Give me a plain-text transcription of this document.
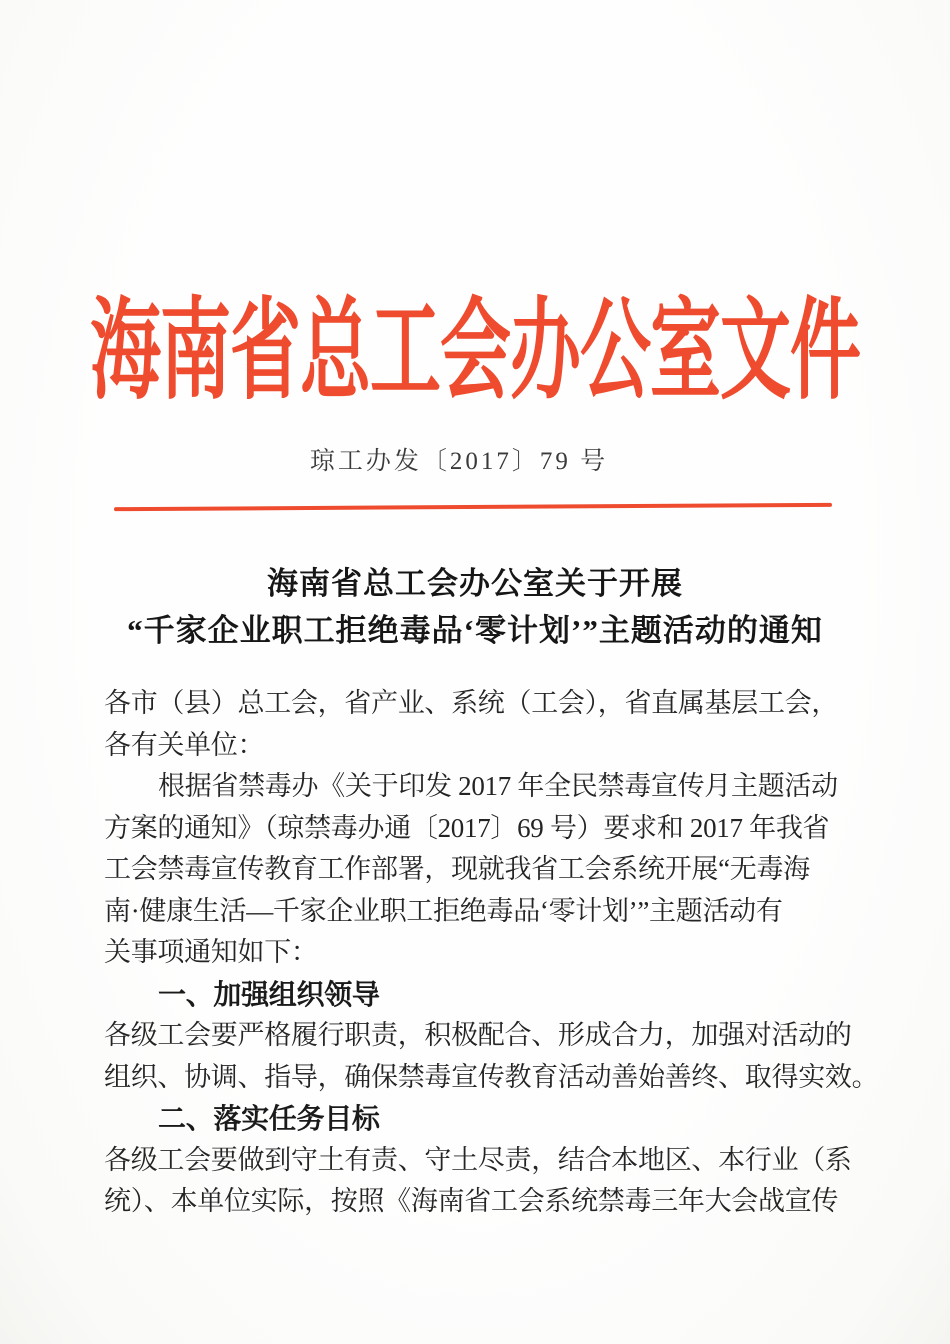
海南省总工会办公室文件
琼工办发〔2017〕79 号
海南省总工会办公室关于开展
“千家企业职工拒绝毒品‘零计划’”主题活动的通知

各市（县）总工会，省产业、系统（工会），省直属基层工会，

各有关单位：

根据省禁毒办《关于印发 2017 年全民禁毒宣传月主题活动

方案的通知》（琼禁毒办通〔2017〕69 号）要求和 2017 年我省

工会禁毒宣传教育工作部署，现就我省工会系统开展“无毒海

南·健康生活—千家企业职工拒绝毒品‘零计划’”主题活动有

关事项通知如下：

一、加强组织领导

各级工会要严格履行职责，积极配合、形成合力，加强对活动的

组织、协调、指导，确保禁毒宣传教育活动善始善终、取得实效。

二、落实任务目标

各级工会要做到守土有责、守土尽责，结合本地区、本行业（系

统）、本单位实际，按照《海南省工会系统禁毒三年大会战宣传
